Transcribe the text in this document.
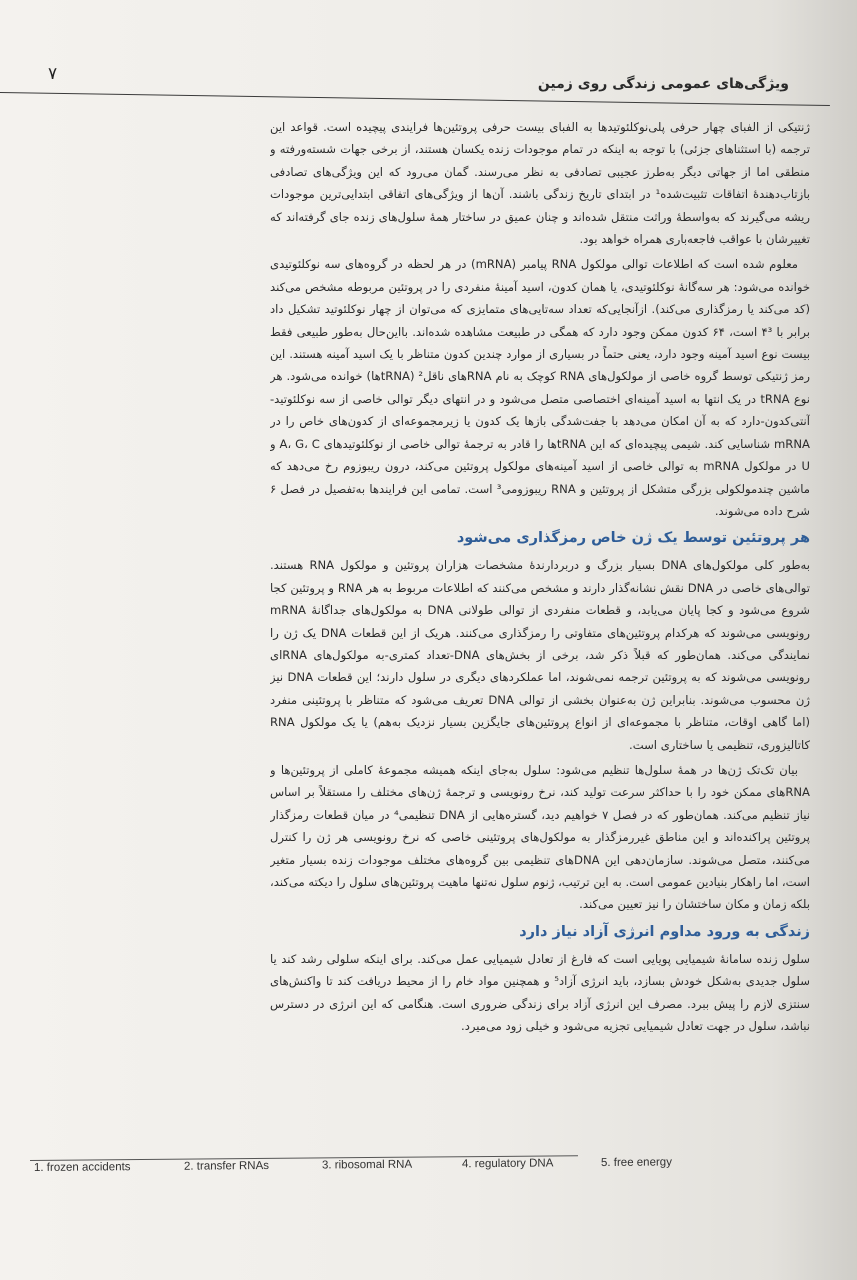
۷	ویژگی‌های عمومی زندگی روی زمین

ژنتیکی از الفبای چهار حرفی پلی‌نوکلئوتیدها به الفبای بیست حرفی پروتئین‌ها فرایندی پیچیده است. قواعد این ترجمه (با استثناهای جزئی) با توجه به اینکه در تمام موجودات زنده یکسان هستند، از برخی جهات شسته‌ورفته و منطقی اما از جهاتی دیگر به‌طرز عجیبی تصادفی به نظر می‌رسند. گمان می‌رود که این ویژگی‌های تصادفی بازتاب‌دهندهٔ اتفاقات تثبیت‌شده¹ در ابتدای تاریخ زندگی باشند. آن‌ها از ویژگی‌های اتفاقی ابتدایی‌ترین موجودات ریشه می‌گیرند که به‌واسطهٔ وراثت منتقل شده‌اند و چنان عمیق در ساختار همهٔ سلول‌های زنده جای گرفته‌اند که تغییرشان با عواقب فاجعه‌باری همراه خواهد بود.

معلوم شده است که اطلاعات توالی مولکول RNA پیامبر (mRNA) در هر لحظه در گروه‌های سه نوکلئوتیدی خوانده می‌شود: هر سه‌گانهٔ نوکلئوتیدی، یا همان کدون، اسید آمینهٔ منفردی را در پروتئین مربوطه مشخص می‌کند (کد می‌کند یا رمزگذاری می‌کند). ازآنجایی‌که تعداد سه‌تایی‌های متمایزی که می‌توان از چهار نوکلئوتید تشکیل داد برابر با ۴³ است، ۶۴ کدون ممکن وجود دارد که همگی در طبیعت مشاهده شده‌اند. بااین‌حال به‌طور طبیعی فقط بیست نوع اسید آمینه وجود دارد، یعنی حتماً در بسیاری از موارد چندین کدون متناظر با یک اسید آمینه هستند. این رمز ژنتیکی توسط گروه خاصی از مولکول‌های RNA کوچک به نام RNAهای ناقل² (tRNAها) خوانده می‌شود. هر نوع tRNA در یک انتها به اسید آمینه‌ای اختصاصی متصل می‌شود و در انتهای دیگر توالی خاصی از سه نوکلئوتید-آنتی‌کدون-دارد که به آن امکان می‌دهد با جفت‌شدگی بازها یک کدون یا زیرمجموعه‌ای از کدون‌های خاص را در mRNA شناسایی کند. شیمی پیچیده‌ای که این tRNAها را قادر به ترجمهٔ توالی خاصی از نوکلئوتیدهای A، G، C و U در مولکول mRNA به توالی خاصی از اسید آمینه‌های مولکول پروتئین می‌کند، درون ریبوزوم رخ می‌دهد که ماشین چندمولکولی بزرگی متشکل از پروتئین و RNA ریبوزومی³ است. تمامی این فرایندها به‌تفصیل در فصل ۶ شرح داده می‌شوند.

هر پروتئین توسط یک ژن خاص رمزگذاری می‌شود

به‌طور کلی مولکول‌های DNA بسیار بزرگ و دربردارندهٔ مشخصات هزاران پروتئین و مولکول RNA هستند. توالی‌های خاصی در DNA نقش نشانه‌گذار دارند و مشخص می‌کنند که اطلاعات مربوط به هر RNA و پروتئین کجا شروع می‌شود و کجا پایان می‌یابد، و قطعات منفردی از توالی طولانی DNA به مولکول‌های جداگانهٔ mRNA رونویسی می‌شوند که هرکدام پروتئین‌های متفاوتی را رمزگذاری می‌کنند. هریک از این قطعات DNA یک ژن را نمایندگی می‌کند. همان‌طور که قبلاً ذکر شد، برخی از بخش‌های DNA-تعداد کمتری-به مولکول‌های RNAای رونویسی می‌شوند که به پروتئین ترجمه نمی‌شوند، اما عملکردهای دیگری در سلول دارند؛ این قطعات DNA نیز ژن محسوب می‌شوند. بنابراین ژن به‌عنوان بخشی از توالی DNA تعریف می‌شود که متناظر با پروتئینی منفرد (اما گاهی اوقات، متناظر با مجموعه‌ای از انواع پروتئین‌های جایگزین بسیار نزدیک به‌هم) یا یک مولکول RNA کاتالیزوری، تنظیمی یا ساختاری است.

بیان تک‌تک ژن‌ها در همهٔ سلول‌ها تنظیم می‌شود: سلول به‌جای اینکه همیشه مجموعهٔ کاملی از پروتئین‌ها و RNAهای ممکن خود را با حداکثر سرعت تولید کند، نرخ رونویسی و ترجمهٔ ژن‌های مختلف را مستقلاً بر اساس نیاز تنظیم می‌کند. همان‌طور که در فصل ۷ خواهیم دید، گستره‌هایی از DNA تنظیمی⁴ در میان قطعات رمزگذار پروتئین پراکنده‌اند و این مناطق غیررمزگذار به مولکول‌های پروتئینی خاصی که نرخ رونویسی هر ژن را کنترل می‌کنند، متصل می‌شوند. سازمان‌دهی این DNAهای تنظیمی بین گروه‌های مختلف موجودات زنده بسیار متغیر است، اما راهکار بنیادین عمومی است. به این ترتیب، ژنوم سلول نه‌تنها ماهیت پروتئین‌های سلول را دیکته می‌کند، بلکه زمان و مکان ساختشان را نیز تعیین می‌کند.

زندگی به ورود مداوم انرژی آزاد نیاز دارد

سلول زنده سامانهٔ شیمیایی پویایی است که فارغ از تعادل شیمیایی عمل می‌کند. برای اینکه سلولی رشد کند یا سلول جدیدی به‌شکل خودش بسازد، باید انرژی آزاد⁵ و همچنین مواد خام را از محیط دریافت کند تا واکنش‌های سنتزی لازم را پیش ببرد. مصرف این انرژی آزاد برای زندگی ضروری است. هنگامی که این انرژی در دسترس نباشد، سلول در جهت تعادل شیمیایی تجزیه می‌شود و خیلی زود می‌میرد.

1. frozen accidents	2. transfer RNAs	3. ribosomal RNA	4. regulatory DNA	5. free energy
